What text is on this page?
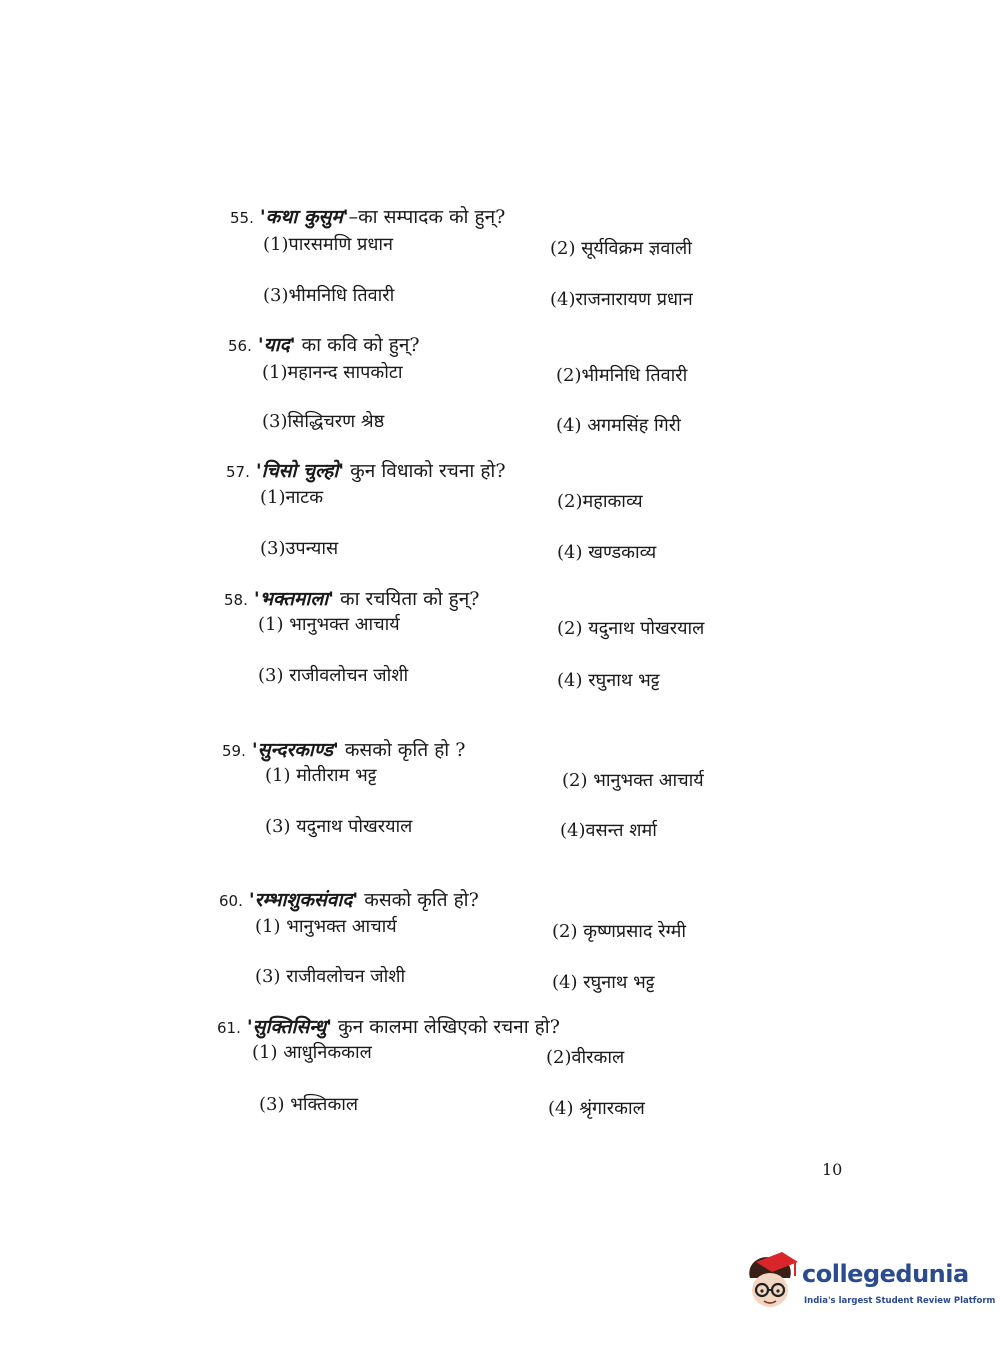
55. 'कथा कुसुम'–का सम्पादक को हुन्?
(1)पारसमणि प्रधान	(2) सूर्यविक्रम ज्ञवाली
(3)भीमनिधि तिवारी	(4)राजनारायण प्रधान
56. 'याद' का कवि को हुन्?
(1)महानन्द सापकोटा	(2)भीमनिधि तिवारी
(3)सिद्धिचरण श्रेष्ठ	(4) अगमसिंह गिरी
57. 'चिसो चुल्हो' कुन विधाको रचना हो?
(1)नाटक	(2)महाकाव्य
(3)उपन्यास	(4) खण्डकाव्य
58. 'भक्तमाला' का रचयिता को हुन्?
(1) भानुभक्त आचार्य	(2) यदुनाथ पोखरयाल
(3) राजीवलोचन जोशी	(4) रघुनाथ भट्ट
59. 'सुन्दरकाण्ड' कसको कृति हो ?
(1) मोतीराम भट्ट	(2) भानुभक्त आचार्य
(3) यदुनाथ पोखरयाल	(4)वसन्त शर्मा
60. 'रम्भाशुकसंवाद' कसको कृति हो?
(1) भानुभक्त आचार्य	(2) कृष्णप्रसाद रेग्मी
(3) राजीवलोचन जोशी	(4) रघुनाथ भट्ट
61. 'सुक्तिसिन्धु' कुन कालमा लेखिएको रचना हो?
(1) आधुनिककाल	(2)वीरकाल
(3) भक्तिकाल	(4) श्रृंगारकाल
10
collegedunia
India's largest Student Review Platform
